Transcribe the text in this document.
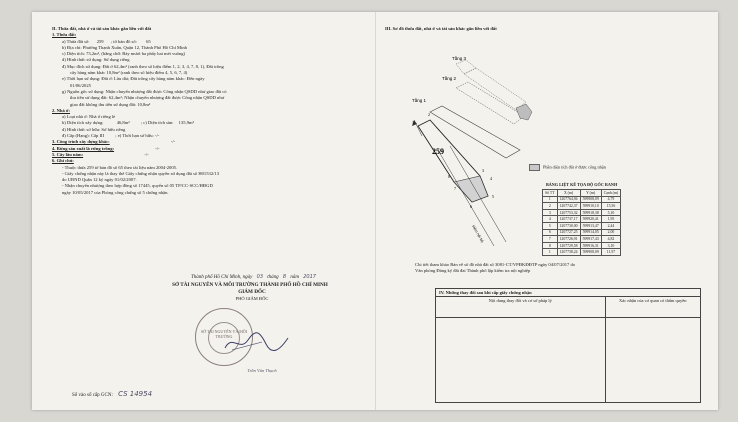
II. Thửa đất, nhà ở và tài sản khác gắn liền với đất
1. Thửa đất:
a) Thửa đất số: 259 ; tờ bản đồ số: 65
b) Địa chỉ: Phường Thạnh Xuân, Quận 12, Thành Phố Hồ Chí Minh
c) Diện tích: 73,2m², (bằng chữ: Bảy mươi ba phẩy hai mét vuông)
d) Hình thức sử dụng: Sử dụng riêng
đ) Mục đích sử dụng: Đất ở 62,4m² (ranh theo số hiệu điểm 1, 2, 3, 4, 7, 8, 1), Đất trồng
cây hàng năm khác 10,8m² (ranh theo số hiệu điểm 4, 5, 6, 7, 4)
e) Thời hạn sử dụng: Đất ở: Lâu dài; Đất trồng cây hàng năm khác: Đến ngày
01/06/2025
g) Nguồn gốc sử dụng: Nhận chuyển nhượng đất được Công nhận QSDD như giao đất có
thu tiền sử dụng đất: 62,4m²; Nhận chuyển nhượng đất được Công nhận QSDD như
giao đất không thu tiền sử dụng đất: 10,8m²
2. Nhà ở:
a) Loại nhà ở: Nhà ở riêng lẻ
b) Diện tích xây dựng:	46,8m² ; c) Diện tích sàn: 135,9m²
d) Hình thức sở hữu: Sở hữu riêng
đ) Cấp (Hạng): Cấp III ; e) Thời hạn sở hữu: -/-
3. Công trình xây dựng khác:	-/-
4. Rừng sản xuất là rừng trồng:	-/-
5. Cây lâu năm:	-/-
6. Ghi chú:
- Thuộc thửa 259 tờ bản đồ số 65 theo tài liệu năm 2004-2005.
- Giấy chứng nhận này là thay thế Giấy chứng nhận quyền sử dụng đất số H01532/13
do UBND Quận 12 ký ngày 01/02/2007.
- Nhận chuyển nhượng theo hợp đồng số 17445, quyển số 05 TP/CC-SCC/HĐGD
ngày 10/05/2017 của Phòng công chứng số 5 chứng nhận.
Thành phố Hồ Chí Minh, ngày 03 tháng 8 năm 2017
SỞ TÀI NGUYÊN VÀ MÔI TRƯỜNG THÀNH PHỐ HỒ CHÍ MINH
GIÁM ĐỐC
PHÓ GIÁM ĐỐC
SỞ TÀI NGUYÊN VÀ MÔI TRƯỜNG
Trần Văn Thạch
Số vào sổ cấp GCN: CS 14954
III. Sơ đồ thửa đất, nhà ở và tài sản khác gắn liền với đất
Tầng 3
Tầng 2
Tầng 1
259
Hẻm nội bộ
1
2
3
4
5
6
7
8
Phần diện tích đất ở được công nhận
BẢNG LIỆT KÊ TỌA ĐỘ GÓC RANH
Số TT	X (m)	Y (m)	Cạnh (m)
1	1207764,94	599908,09	4,79
2	1207742,37	599910,10	15,56
3	1207753,32	599918,38	5,10
4	1207737,17	599920,41	1,95
5	1207730,00	599913,47	2,44
6	1207727,25	599914,05	2,00
7	1207726,91	599917,43	4,82
8	1207729,58	599916,31	3,10
1	1207738,24	599908,09	11,97
Chi tiết tham khảo Bản vẽ số đồ nhà đất số 3081-CT/VPĐKĐĐTP ngày 04/07/2017 do
Văn phòng Đăng ký đất đai Thành phố lập kiểm tra nội nghiệp
IV. Những thay đổi sau khi cấp giấy chứng nhận	
Nội dung thay đổi và cơ sở pháp lý	Xác nhận của cơ quan có thẩm quyền
